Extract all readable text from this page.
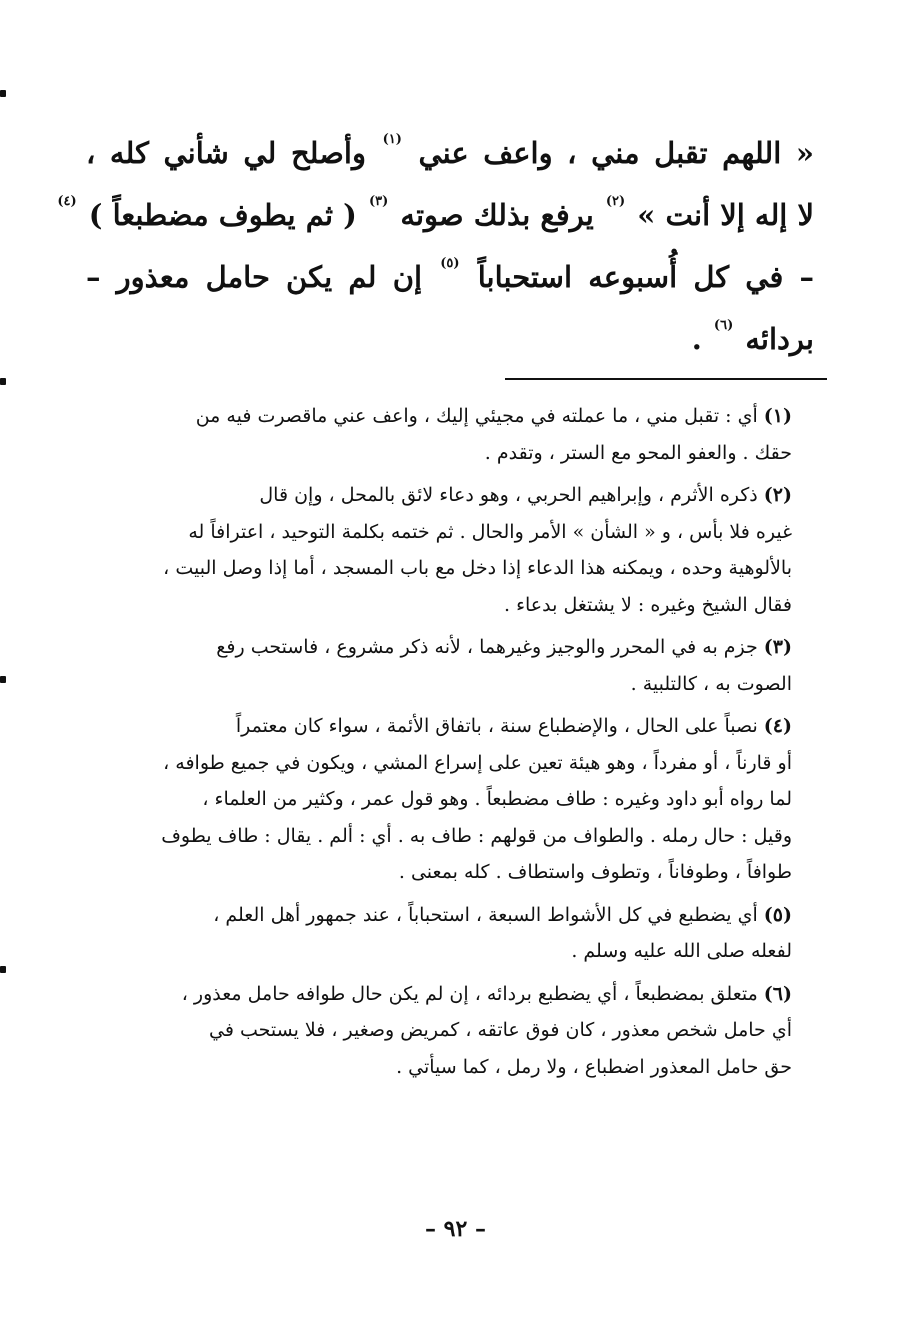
« اللهم تقبل مني ، واعف عني $^{(١)}$ وأصلح لي شأني كله ،
لا إله إلا أنت » $^{(٢)}$ يرفع بذلك صوته $^{(٣)}$ ( ثم يطوف مضطبعاً ) $^{(٤)}$
– في كل أُسبوعه استحباباً $^{(٥)}$ إن لم يكن حامل معذور –
بردائه $^{(٦)}$ .
(١)أي : تقبل مني ، ما عملته في مجيئي إليك ، واعف عني ماقصرت فيه من
حقك . والعفو المحو مع الستر ، وتقدم .
(٢)ذكره الأثرم ، وإبراهيم الحربي ، وهو دعاء لائق بالمحل ، وإن قال
غيره فلا بأس ، و « الشأن » الأمر والحال . ثم ختمه بكلمة التوحيد ، اعترافاً له
بالألوهية وحده ، ويمكنه هذا الدعاء إذا دخل مع باب المسجد ، أما إذا وصل البيت ،
فقال الشيخ وغيره : لا يشتغل بدعاء .
(٣)جزم به في المحرر والوجيز وغيرهما ، لأنه ذكر مشروع ، فاستحب رفع
الصوت به ، كالتلبية .
(٤)نصباً على الحال ، والإضطباع سنة ، باتفاق الأئمة ، سواء كان معتمراً
أو قارناً ، أو مفرداً ، وهو هيئة تعين على إسراع المشي ، ويكون في جميع طوافه ،
لما رواه أبو داود وغيره : طاف مضطبعاً . وهو قول عمر ، وكثير من العلماء ،
وقيل : حال رمله . والطواف من قولهم : طاف به . أي : ألم . يقال : طاف يطوف
طوافاً ، وطوفاناً ، وتطوف واستطاف . كله بمعنى .
(٥)أي يضطبع في كل الأشواط السبعة ، استحباباً ، عند جمهور أهل العلم ،
لفعله صلى الله عليه وسلم .
(٦)متعلق بمضطبعاً ، أي يضطبع بردائه ، إن لم يكن حال طوافه حامل معذور ،
أي حامل شخص معذور ، كان فوق عاتقه ، كمريض وصغير ، فلا يستحب في
حق حامل المعذور اضطباع ، ولا رمل ، كما سيأتي .
– ٩٢ –
